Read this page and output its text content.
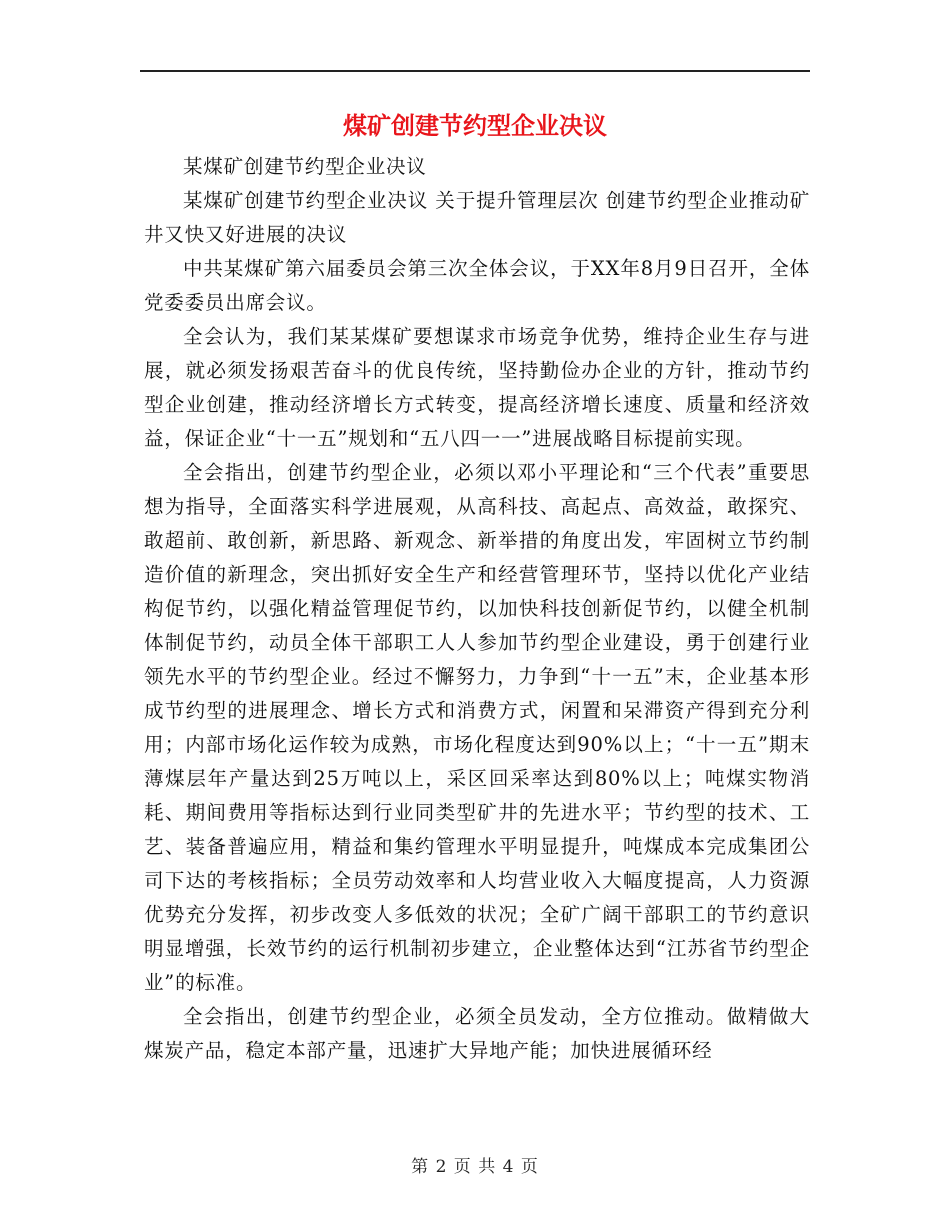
煤矿创建节约型企业决议

某煤矿创建节约型企业决议

某煤矿创建节约型企业决议 关于提升管理层次 创建节约型企业推动矿井又快又好进展的决议

中共某煤矿第六届委员会第三次全体会议，于XX年8月9日召开，全体党委委员出席会议。

全会认为，我们某某煤矿要想谋求市场竞争优势，维持企业生存与进展，就必须发扬艰苦奋斗的优良传统，坚持勤俭办企业的方针，推动节约型企业创建，推动经济增长方式转变，提高经济增长速度、质量和经济效益，保证企业“十一五”规划和“五八四一一”进展战略目标提前实现。

全会指出，创建节约型企业，必须以邓小平理论和“三个代表”重要思想为指导，全面落实科学进展观，从高科技、高起点、高效益，敢探究、敢超前、敢创新，新思路、新观念、新举措的角度出发，牢固树立节约制造价值的新理念，突出抓好安全生产和经营管理环节，坚持以优化产业结构促节约，以强化精益管理促节约，以加快科技创新促节约，以健全机制体制促节约，动员全体干部职工人人参加节约型企业建设，勇于创建行业领先水平的节约型企业。经过不懈努力，力争到“十一五”末，企业基本形成节约型的进展理念、增长方式和消费方式，闲置和呆滞资产得到充分利用；内部市场化运作较为成熟，市场化程度达到90%以上；“十一五”期末薄煤层年产量达到25万吨以上，采区回采率达到80%以上；吨煤实物消耗、期间费用等指标达到行业同类型矿井的先进水平；节约型的技术、工艺、装备普遍应用，精益和集约管理水平明显提升，吨煤成本完成集团公司下达的考核指标；全员劳动效率和人均营业收入大幅度提高，人力资源优势充分发挥，初步改变人多低效的状况；全矿广阔干部职工的节约意识明显增强，长效节约的运行机制初步建立，企业整体达到“江苏省节约型企业”的标准。

全会指出，创建节约型企业，必须全员发动，全方位推动。做精做大煤炭产品，稳定本部产量，迅速扩大异地产能；加快进展循环经

第 2 页 共 4 页
